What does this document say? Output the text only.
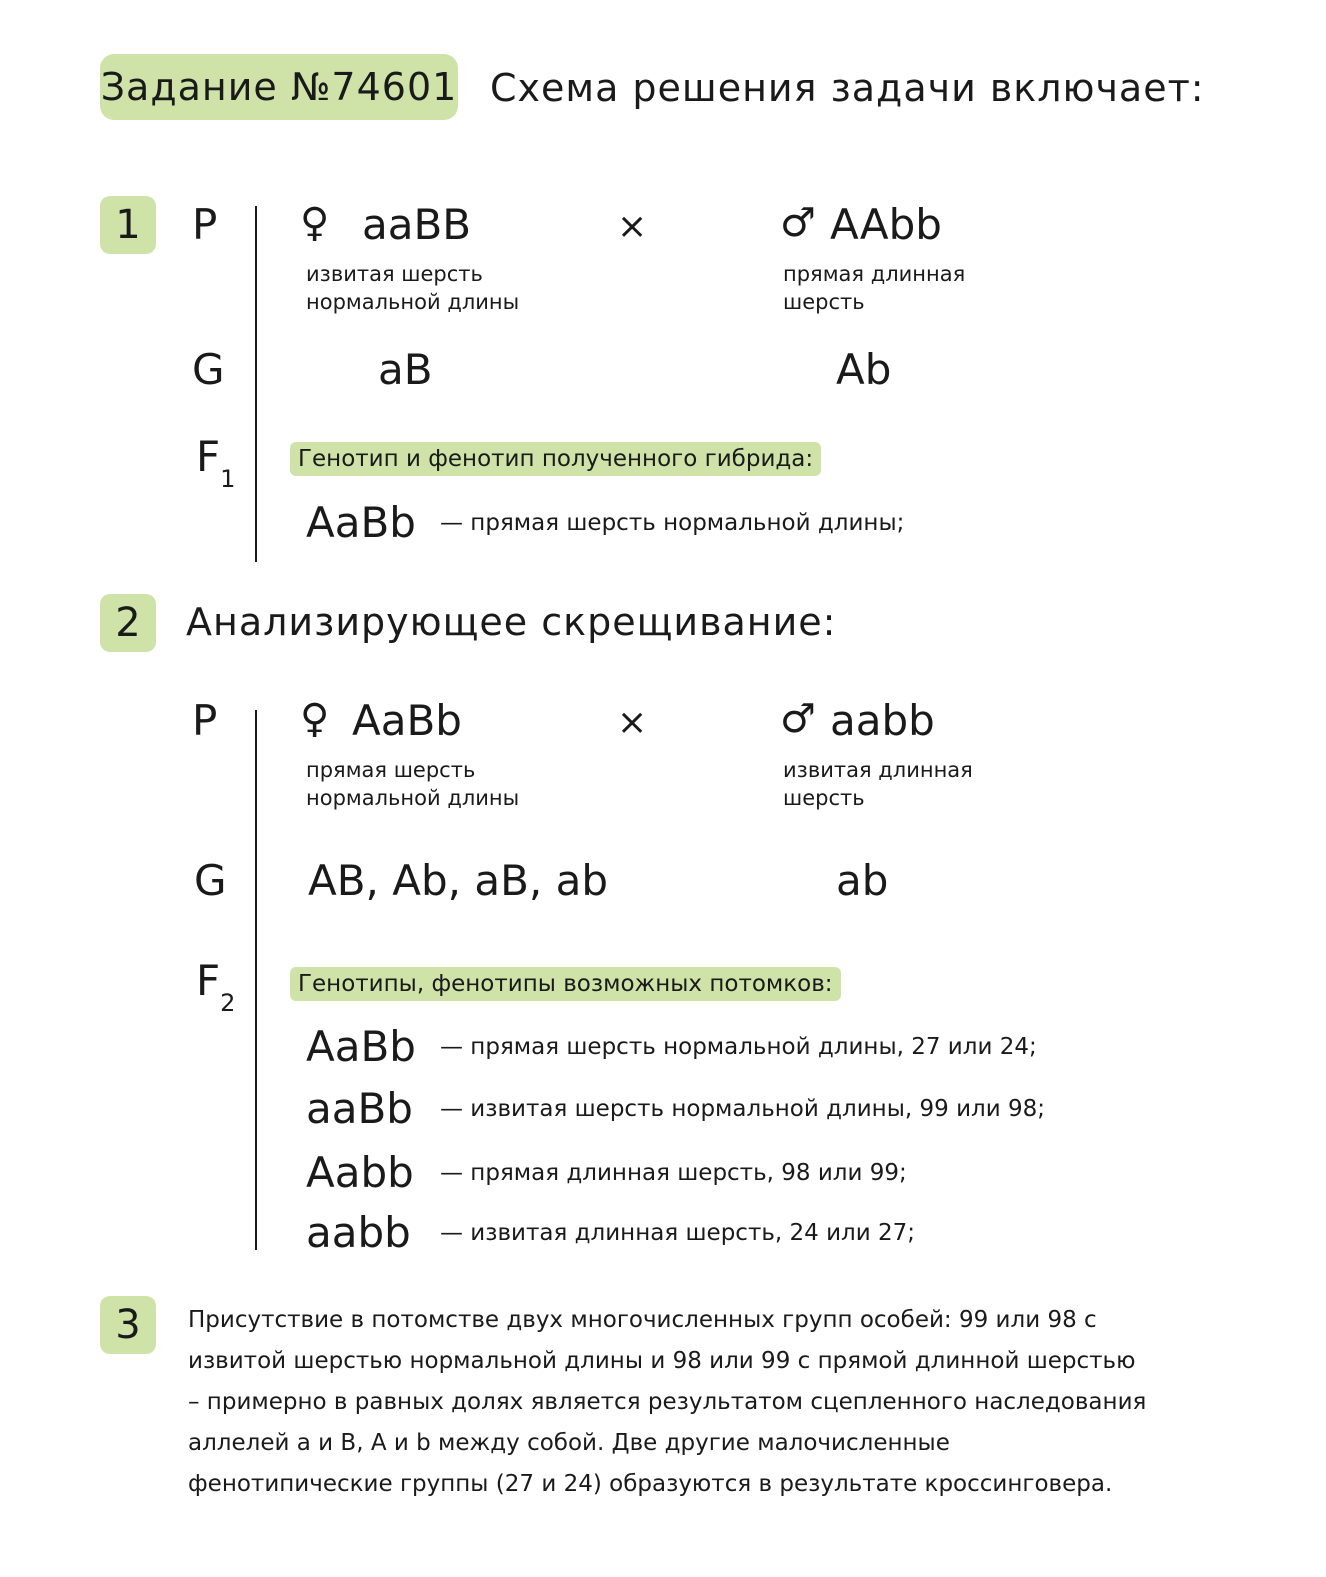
Задание №74601 Схема решения задачи включает:
1	P ♀ aaBB
извитая шерсть
нормальной длины
×	♂ AAbb
прямая длинная
шерсть
G	aB	Ab
$F_1$
Генотип и фенотип полученного гибрида:
AaBb — прямая шерсть нормальной длины;
2	Анализирующее скрещивание:
P ♀ AaBb
прямая шерсть
нормальной длины
×	♂ aabb
извитая длинная
шерсть
G AB, Ab, aB, ab	ab
$F_2$
Генотипы, фенотипы возможных потомков:
AaBb — прямая шерсть нормальной длины, 27 или 24;
aaBb — извитая шерсть нормальной длины, 99 или 98;
Aabb — прямая длинная шерсть, 98 или 99;
aabb — извитая длинная шерсть, 24 или 27;
3	Присутствие в потомстве двух многочисленных групп особей: 99 или 98 с
извитой шерстью нормальной длины и 98 или 99 с прямой длинной шерстью
– примерно в равных долях является результатом сцепленного наследования
аллелей a и B, A и b между собой. Две другие малочисленные
фенотипические группы (27 и 24) образуются в результате кроссинговера.
